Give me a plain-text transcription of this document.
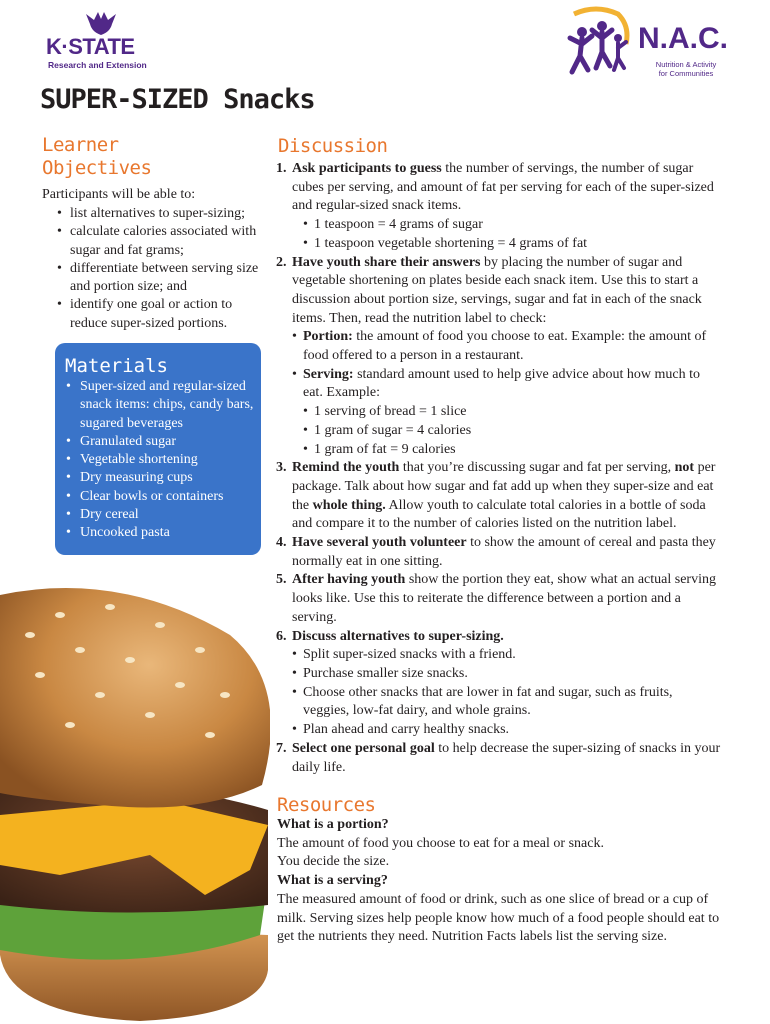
K·STATE
Research and Extension
N.A.C.
Nutrition & Activity
for Communities
SUPER-SIZED Snacks
Learner
Objectives
Participants will be able to:
• list alternatives to super-sizing;
• calculate calories associated with sugar and fat grams;
• differentiate between serving size and portion size; and
• identify one goal or action to reduce super-sized portions.
Materials
• Super-sized and regular-sized snack items: chips, candy bars, sugared beverages
• Granulated sugar
• Vegetable shortening
• Dry measuring cups
• Clear bowls or containers
• Dry cereal
• Uncooked pasta
Discussion
1. Ask participants to guess the number of servings, the number of sugar cubes per serving, and amount of fat per serving for each of the super-sized and regular-sized snack items.
• 1 teaspoon = 4 grams of sugar
• 1 teaspoon vegetable shortening = 4 grams of fat
2. Have youth share their answers by placing the number of sugar and vegetable shortening on plates beside each snack item. Use this to start a discussion about portion size, servings, sugar and fat in each of the snack items. Then, read the nutrition label to check:
• Portion: the amount of food you choose to eat. Example: the amount of food offered to a person in a restaurant.
• Serving: standard amount used to help give advice about how much to eat. Example:
• 1 serving of bread = 1 slice
• 1 gram of sugar = 4 calories
• 1 gram of fat = 9 calories
3. Remind the youth that you’re discussing sugar and fat per serving, not per package. Talk about how sugar and fat add up when they super-size and eat the whole thing. Allow youth to calculate total calories in a bottle of soda and compare it to the number of calories listed on the nutrition label.
4. Have several youth volunteer to show the amount of cereal and pasta they normally eat in one sitting.
5. After having youth show the portion they eat, show what an actual serving looks like. Use this to reiterate the difference between a portion and a serving.
6. Discuss alternatives to super-sizing.
• Split super-sized snacks with a friend.
• Purchase smaller size snacks.
• Choose other snacks that are lower in fat and sugar, such as fruits, veggies, low-fat dairy, and whole grains.
• Plan ahead and carry healthy snacks.
7. Select one personal goal to help decrease the super-sizing of snacks in your daily life.
Resources
What is a portion?
The amount of food you choose to eat for a meal or snack.
You decide the size.
What is a serving?
The measured amount of food or drink, such as one slice of bread or a cup of milk. Serving sizes help people know how much of a food people should eat to get the nutrients they need. Nutrition Facts labels list the serving size.
